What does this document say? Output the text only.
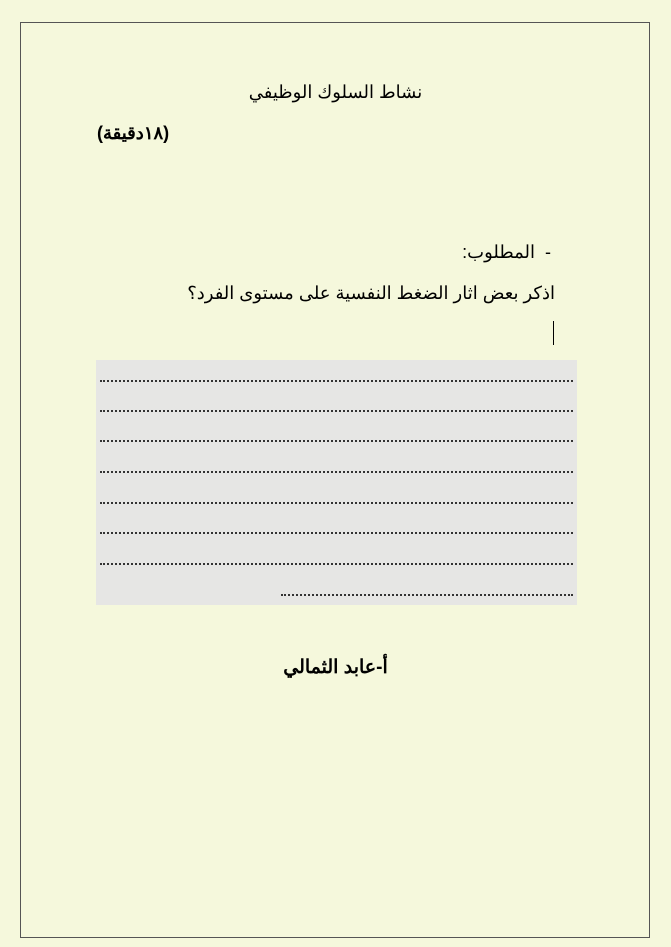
نشاط السلوك الوظيفي
(١٨دقيقة)
-المطلوب:
اذكر بعض اثار الضغط النفسية على مستوى الفرد؟
أ-عابد الثمالي
